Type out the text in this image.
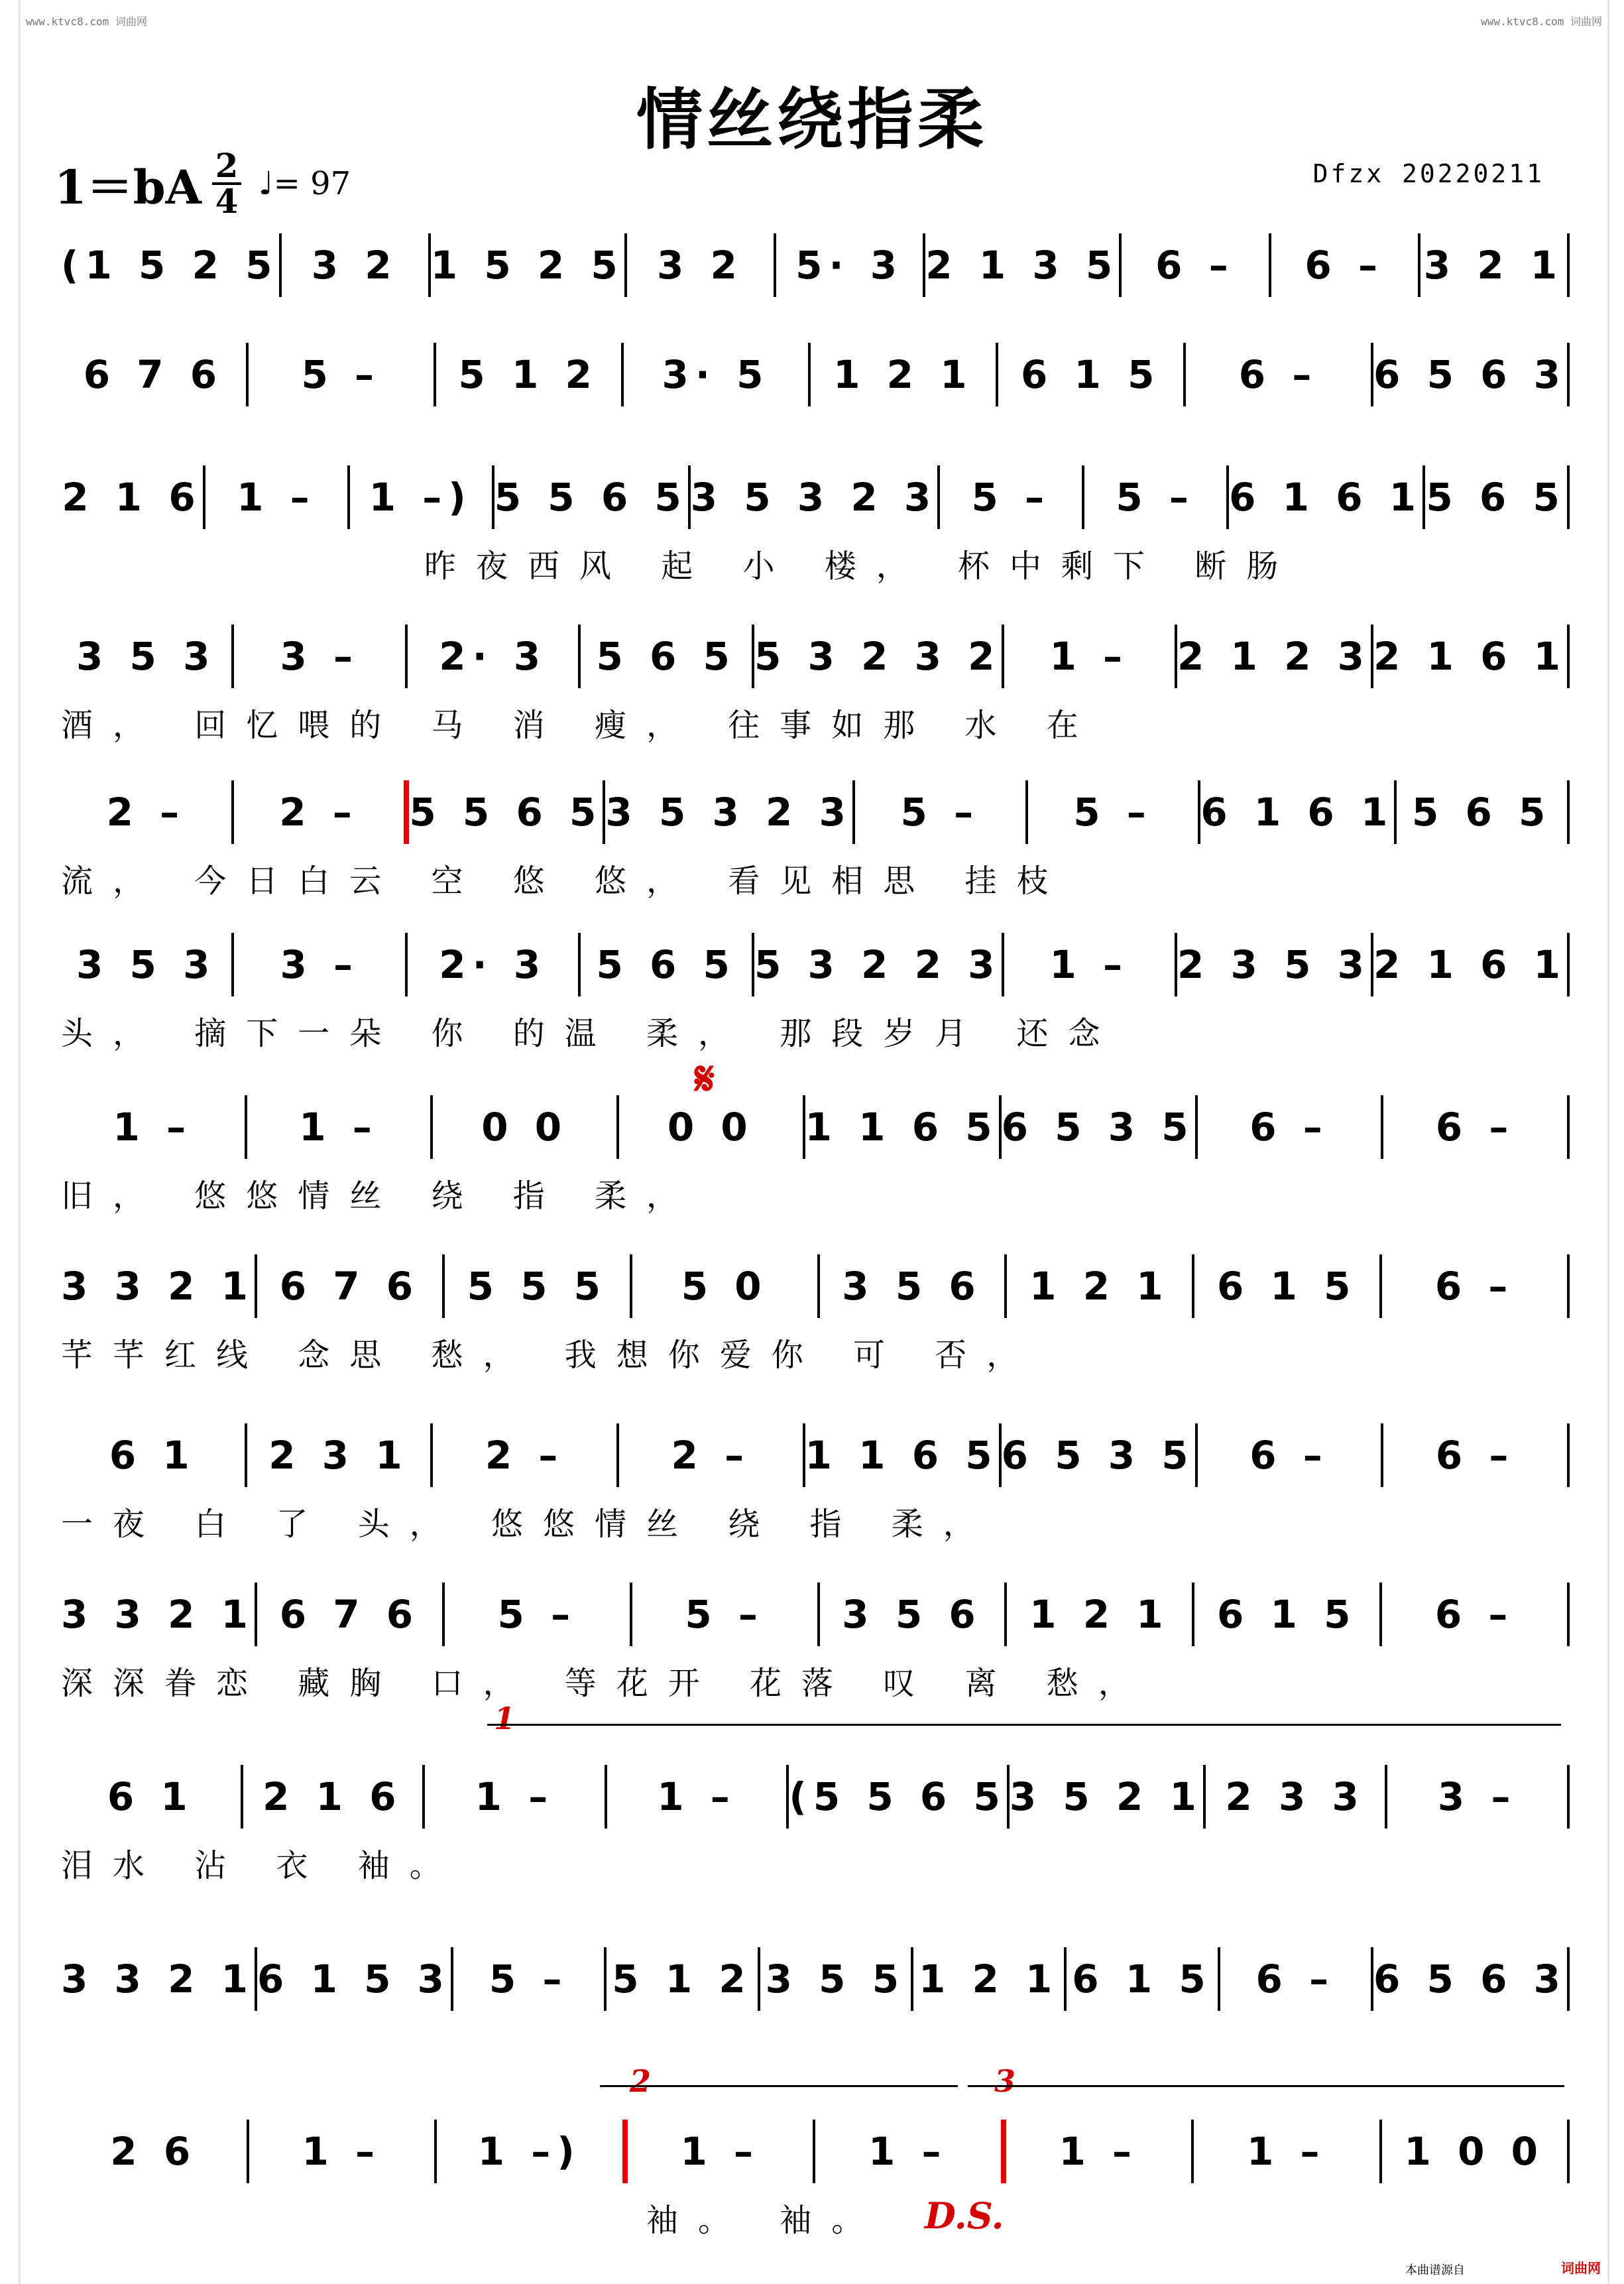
www.ktvc8.com 词曲网	www.ktvc8.com 词曲网
情丝绕指柔
1＝bA 2
4 ♩= 97	Dfzx 20220211
(1 5 2 5 3 2 1 5 2 5 3 2 5· 3 2 1 3 5 6 – 6 – 3 2 1
6 7 6 5 – 5 1 2 3· 5 1 2 1 6 1 5 6 – 6 5 6 3
2 1 6 1 – 1 –) 5 5 6 5 3 5 3 2 3 5 – 5 – 6 1 6 1 5 6 5
昨夜西风 起 小 楼， 杯中剩下 断肠
3 5 3 3 – 2· 3 5 6 5 5 3 2 3 2 1 – 2 1 2 3 2 1 6 1
酒， 回忆喂的 马 消 瘦， 往事如那 水 在
2 – 2 – 5 5 6 5 3 5 3 2 3 5 – 5 – 6 1 6 1 5 6 5
流， 今日白云 空 悠 悠， 看见相思 挂枝
3 5 3 3 – 2· 3 5 6 5 5 3 2 2 3 1 – 2 3 5 3 2 1 6 1
头， 摘下一朵 你 的温 柔， 那段岁月 还念
1 –	1 –	0 0	0 0 1 1 6 5 6 5 3 5 6 –	6 –
旧， 悠悠情丝 绕 指 柔，
3 3 2 1 6 7 6 5 5 5 5 0 3 5 6 1 2 1 6 1 5 6 –
芊芊红线 念思 愁， 我想你爱你 可 否，
6 1 2 3 1 2 –	2 – 1 1 6 5 6 5 3 5 6 –	6 –
一夜 白 了 头， 悠悠情丝 绕 指 柔，
3 3 2 1 6 7 6 5 –	5 – 3 5 6 1 2 1 6 1 5 6 –
深深眷恋 藏胸 口， 等花开 花落 叹 离 愁，
6 1 2 1 6 1 –	1 – (5 5 6 5 3 5 2 1 2 3 3 3 –
泪水 沾 衣 袖。
3 3 2 1 6 1 5 3 5 – 5 1 2 3 5 5 1 2 1 6 1 5 6 – 6 5 6 3
2 6	1 –	1 –)	1 –	1 –	1 –	1 – 1 0 0
袖。 袖。
𝄋
1
2	3
D.S.
本曲谱源自	词曲网
